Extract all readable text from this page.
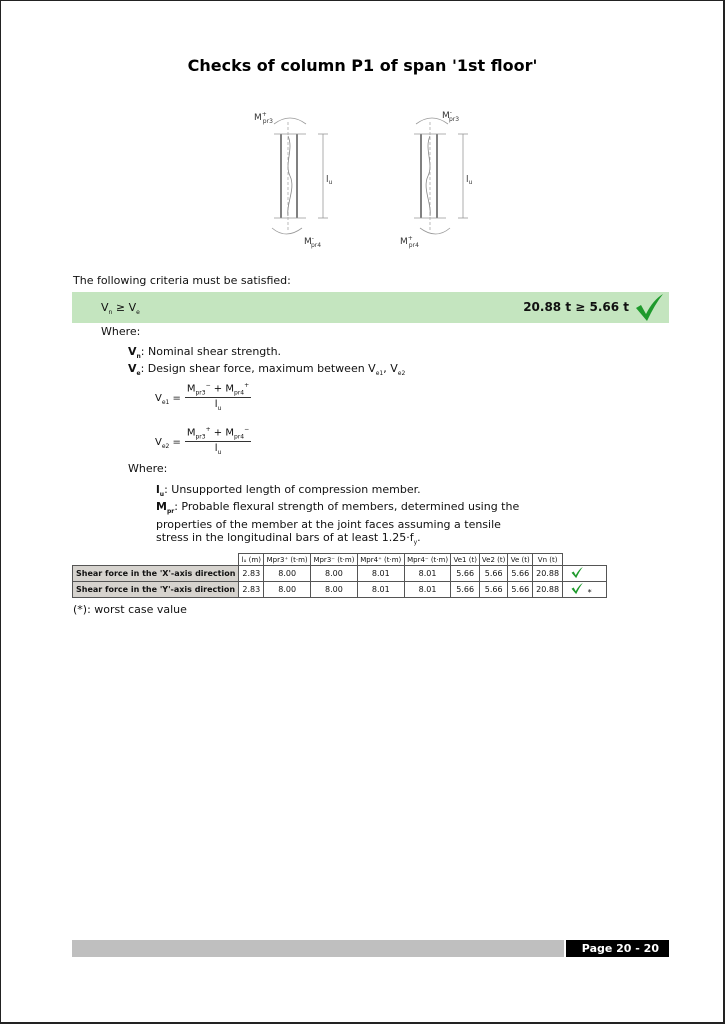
Checks of column P1 of span '1st floor'
M+ pr3
M-pr4
$l_u$
M-pr3
M+ pr4
$l_u$
The following criteria must be satisfied:
$V_n \ge V_e$	20.88 t ≥ 5.66 t
Where:
$V_n$: Nominal shear strength.
$V_e$: Design shear force, maximum between $V_{e1}$, $V_{e2}$
$V_{e1}$ =
$M_{pr3}^- + M_{pr4}^+$
$l_u$
$V_{e2}$ =
$M_{pr3}^+ + M_{pr4}^-$
$l_u$
Where:
$l_u$: Unsupported length of compression member.
$M_{pr}$: Probable flexural strength of members, determined using the properties of the member at the joint faces assuming a tensile stress in the longitudinal bars of at least $1.25\cdot f_y$.
	lᵤ (m)	Mpr3⁺ (t·m)	Mpr3⁻ (t·m)	Mpr4⁺ (t·m)	Mpr4⁻ (t·m)	Ve1 (t)	Ve2 (t)	Ve (t)	Vn (t)	
Shear force in the 'X'-axis direction	2.83	8.00	8.00	8.01	8.01	5.66	5.66	5.66	20.88	
Shear force in the 'Y'-axis direction	2.83	8.00	8.00	8.01	8.01	5.66	5.66	5.66	20.88	*
(*): worst case value
Page 20 - 20
